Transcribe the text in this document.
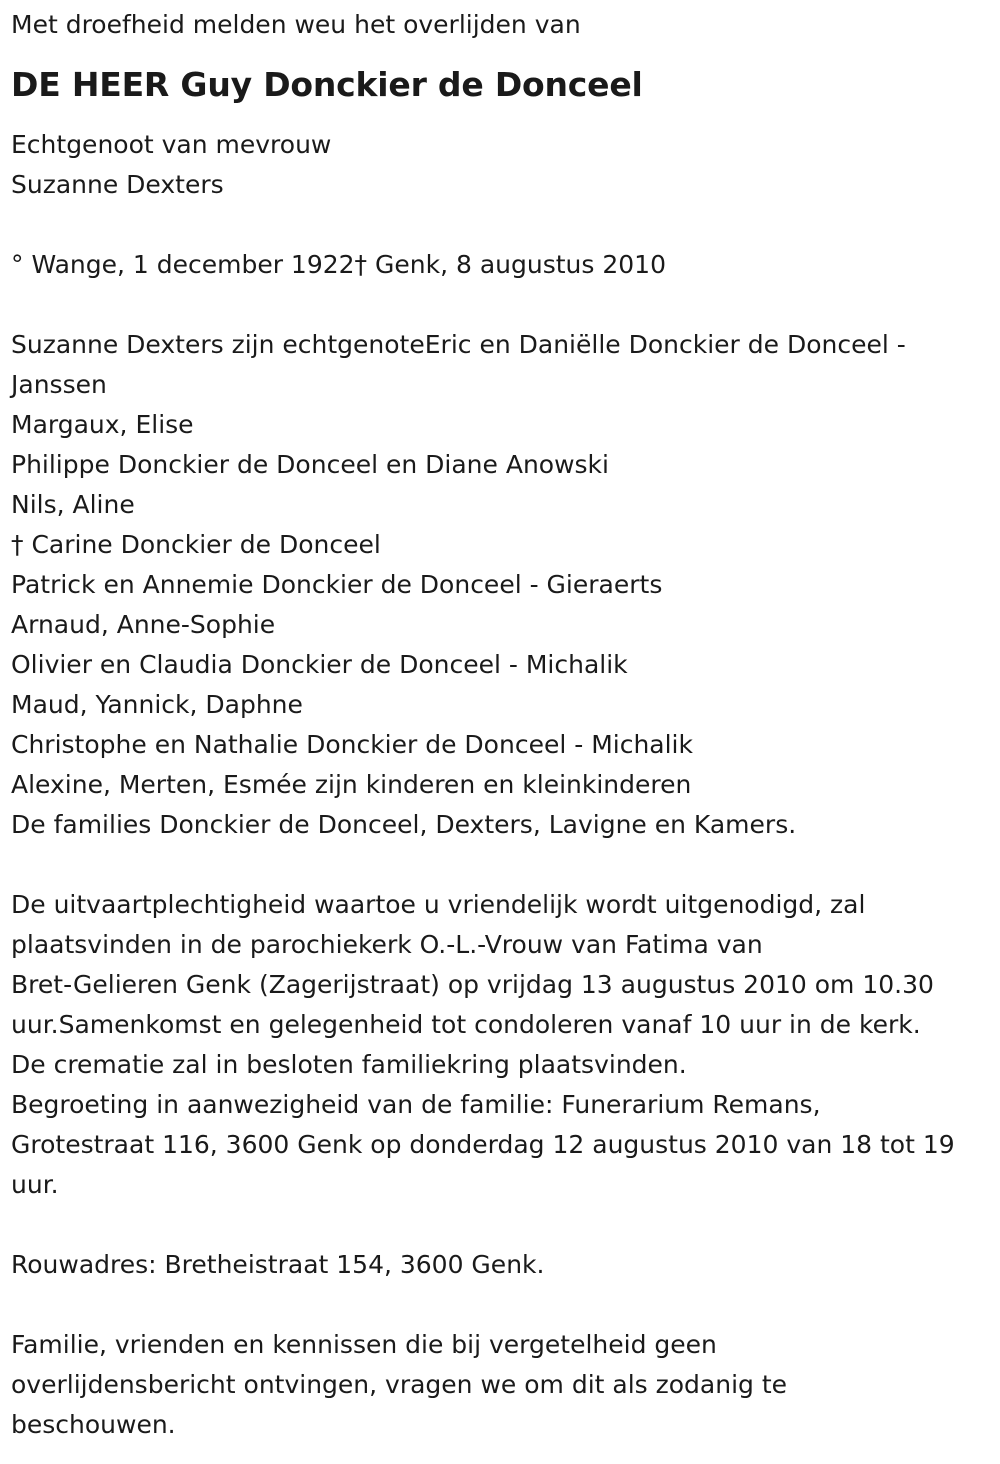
Met droefheid melden weu het overlijden van
DE HEER Guy Donckier de Donceel
Echtgenoot van mevrouw
Suzanne Dexters
° Wange, 1 december 1922† Genk, 8 augustus 2010
Suzanne Dexters zijn echtgenoteEric en Daniëlle Donckier de Donceel -
Janssen
Margaux, Elise
Philippe Donckier de Donceel en Diane Anowski
Nils, Aline
† Carine Donckier de Donceel
Patrick en Annemie Donckier de Donceel - Gieraerts
Arnaud, Anne-Sophie
Olivier en Claudia Donckier de Donceel - Michalik
Maud, Yannick, Daphne
Christophe en Nathalie Donckier de Donceel - Michalik
Alexine, Merten, Esmée zijn kinderen en kleinkinderen
De families Donckier de Donceel, Dexters, Lavigne en Kamers.
De uitvaartplechtigheid waartoe u vriendelijk wordt uitgenodigd, zal
plaatsvinden in de parochiekerk O.-L.-Vrouw van Fatima van
Bret-Gelieren Genk (Zagerijstraat) op vrijdag 13 augustus 2010 om 10.30
uur.Samenkomst en gelegenheid tot condoleren vanaf 10 uur in de kerk.
De crematie zal in besloten familiekring plaatsvinden.
Begroeting in aanwezigheid van de familie: Funerarium Remans,
Grotestraat 116, 3600 Genk op donderdag 12 augustus 2010 van 18 tot 19
uur.
Rouwadres: Bretheistraat 154, 3600 Genk.
Familie, vrienden en kennissen die bij vergetelheid geen
overlijdensbericht ontvingen, vragen we om dit als zodanig te
beschouwen.
